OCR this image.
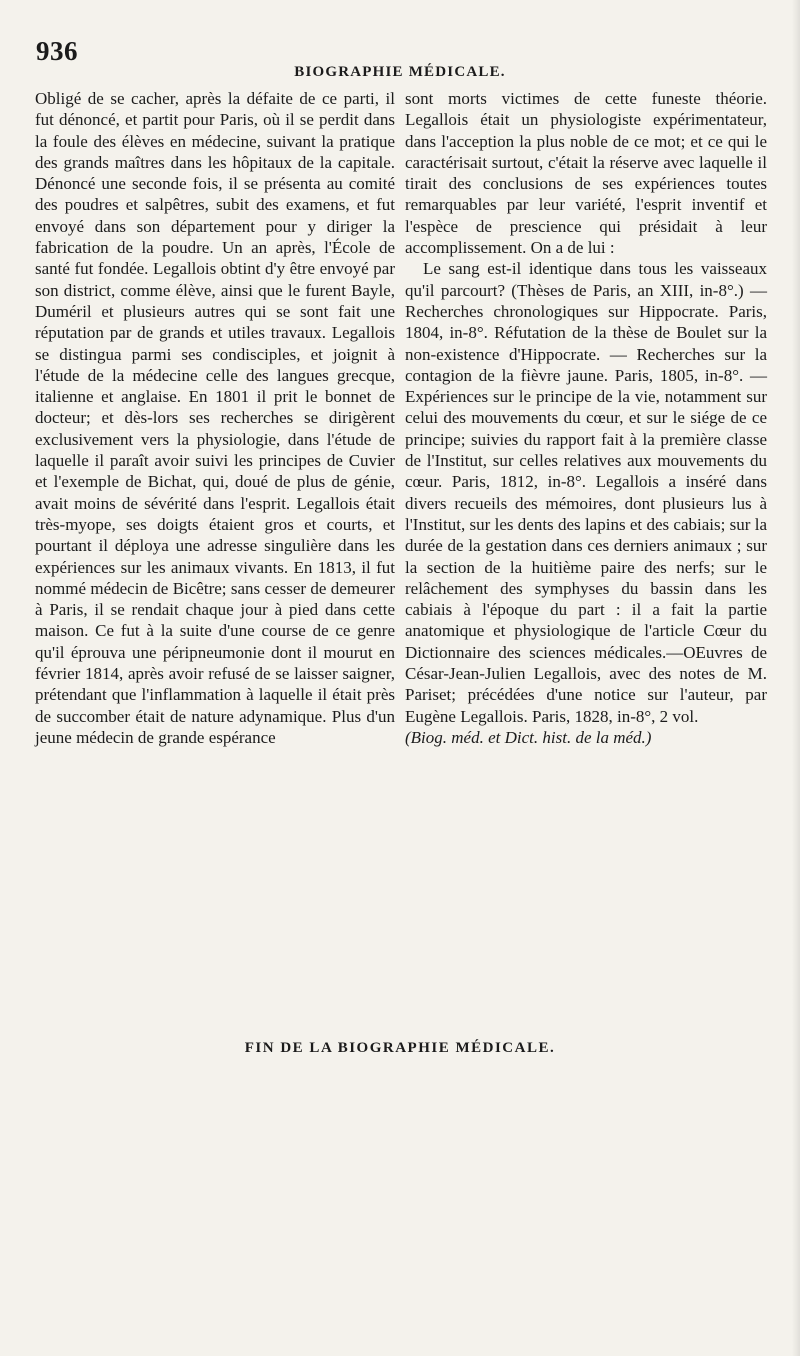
936
BIOGRAPHIE MÉDICALE.

Obligé de se cacher, après la défaite de ce parti, il fut dénoncé, et partit pour Paris, où il se perdit dans la foule des élèves en médecine, suivant la pratique des grands maîtres dans les hôpitaux de la capitale. Dénoncé une seconde fois, il se présenta au comité des poudres et salpêtres, subit des examens, et fut envoyé dans son département pour y diriger la fabrication de la poudre. Un an après, l'École de santé fut fondée. Legallois obtint d'y être envoyé par son district, comme élève, ainsi que le furent Bayle, Duméril et plusieurs autres qui se sont fait une réputation par de grands et utiles travaux. Legallois se distingua parmi ses condisciples, et joignit à l'étude de la médecine celle des langues grecque, italienne et anglaise. En 1801 il prit le bonnet de docteur; et dès-lors ses recherches se dirigèrent exclusivement vers la physiologie, dans l'étude de laquelle il paraît avoir suivi les principes de Cuvier et l'exemple de Bichat, qui, doué de plus de génie, avait moins de sévérité dans l'esprit. Legallois était très-myope, ses doigts étaient gros et courts, et pourtant il déploya une adresse singulière dans les expériences sur les animaux vivants. En 1813, il fut nommé médecin de Bicêtre; sans cesser de demeurer à Paris, il se rendait chaque jour à pied dans cette maison. Ce fut à la suite d'une course de ce genre qu'il éprouva une péripneumonie dont il mourut en février 1814, après avoir refusé de se laisser saigner, prétendant que l'inflammation à laquelle il était près de succomber était de nature adynamique. Plus d'un jeune médecin de grande espérance

sont morts victimes de cette funeste théorie. Legallois était un physiologiste expérimentateur, dans l'acception la plus noble de ce mot; et ce qui le caractérisait surtout, c'était la réserve avec laquelle il tirait des conclusions de ses expériences toutes remarquables par leur variété, l'esprit inventif et l'espèce de prescience qui présidait à leur accomplissement. On a de lui :

Le sang est-il identique dans tous les vaisseaux qu'il parcourt? (Thèses de Paris, an XIII, in-8°.) — Recherches chronologiques sur Hippocrate. Paris, 1804, in-8°. Réfutation de la thèse de Boulet sur la non-existence d'Hippocrate. — Recherches sur la contagion de la fièvre jaune. Paris, 1805, in-8°. — Expériences sur le principe de la vie, notamment sur celui des mouvements du cœur, et sur le siége de ce principe; suivies du rapport fait à la première classe de l'Institut, sur celles relatives aux mouvements du cœur. Paris, 1812, in-8°. Legallois a inséré dans divers recueils des mémoires, dont plusieurs lus à l'Institut, sur les dents des lapins et des cabiais; sur la durée de la gestation dans ces derniers animaux ; sur la section de la huitième paire des nerfs; sur le relâchement des symphyses du bassin dans les cabiais à l'époque du part : il a fait la partie anatomique et physiologique de l'article Cœur du Dictionnaire des sciences médicales.—OEuvres de César-Jean-Julien Legallois, avec des notes de M. Pariset; précédées d'une notice sur l'auteur, par Eugène Legallois. Paris, 1828, in-8°, 2 vol.

(Biog. méd. et Dict. hist. de la méd.)

FIN DE LA BIOGRAPHIE MÉDICALE.
